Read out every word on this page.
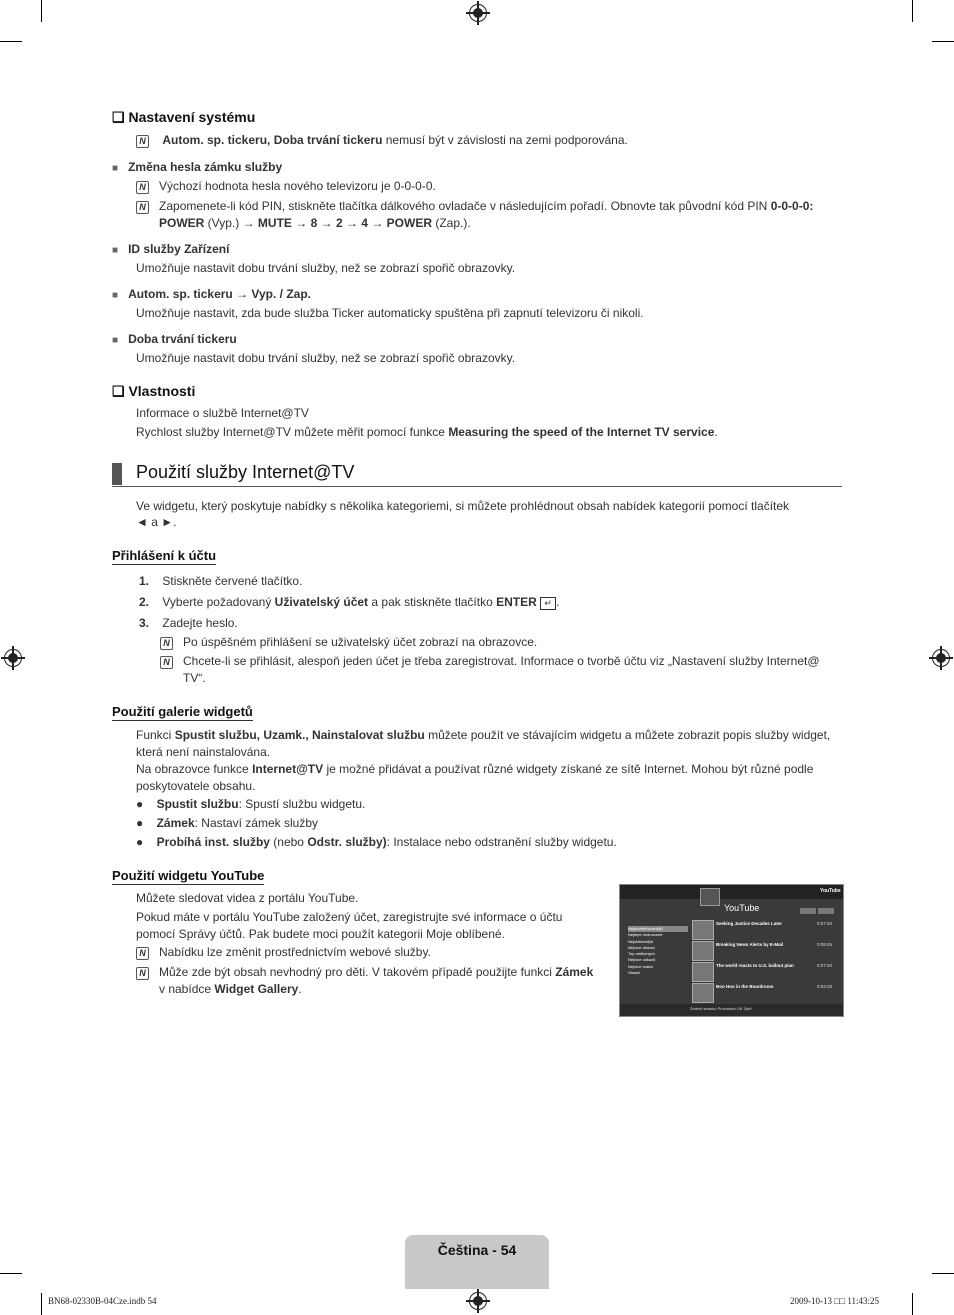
❑ Nastavení systému
N Autom. sp. tickeru, Doba trvání tickeru nemusí být v závislosti na zemi podporována.
■ Změna hesla zámku služby
N Výchozí hodnota hesla nového televizoru je 0-0-0-0.
N Zapomenete-li kód PIN, stiskněte tlačítka dálkového ovladače v následujícím pořadí. Obnovte tak původní kód PIN 0-0-0-0:
POWER (Vyp.) → MUTE → 8 → 2 → 4 → POWER (Zap.).
■ ID služby Zařízení
Umožňuje nastavit dobu trvání služby, než se zobrazí spořič obrazovky.
■ Autom. sp. tickeru → Vyp. / Zap.
Umožňuje nastavit, zda bude služba Ticker automaticky spuštěna při zapnutí televizoru či nikoli.
■ Doba trvání tickeru
Umožňuje nastavit dobu trvání služby, než se zobrazí spořič obrazovky.
❑ Vlastnosti
Informace o službě Internet@TV
Rychlost služby Internet@TV můžete měřit pomocí funkce Measuring the speed of the Internet TV service.
Použití služby Internet@TV
Ve widgetu, který poskytuje nabídky s několika kategoriemi, si můžete prohlédnout obsah nabídek kategorií pomocí tlačítek
◄ a ►.
Přihlášení k účtu
1. Stiskněte červené tlačítko.
2. Vyberte požadovaný Uživatelský účet a pak stiskněte tlačítko ENTER ↵ .
3. Zadejte heslo.
N Po úspěšném přihlášení se uživatelský účet zobrazí na obrazovce.
N Chcete-li se přihlásit, alespoň jeden účet je třeba zaregistrovat. Informace o tvorbě účtu viz „Nastavení služby Internet@
TV“.
Použití galerie widgetů
Funkci Spustit službu, Uzamk., Nainstalovat službu můžete použít ve stávajícím widgetu a můžete zobrazit popis služby widget,
která není nainstalována.
Na obrazovce funkce Internet@TV je možné přidávat a používat různé widgety získané ze sítě Internet. Mohou být různé podle
poskytovatele obsahu.
●    Spustit službu: Spustí službu widgetu.
●    Zámek: Nastaví zámek služby
●    Probíhá inst. služby (nebo Odstr. služby): Instalace nebo odstranění služby widgetu.
Použití widgetu YouTube
Můžete sledovat videa z portálu YouTube.
Pokud máte v portálu YouTube založený účet, zaregistrujte své informace o účtu
pomocí Správy účtů. Pak budete moci použít kategorii Moje oblíbené.
N Nabídku lze změnit prostřednictvím webové služby.
N Může zde být obsah nevhodný pro děti. V takovém případě použijte funkci Zámek
v nabídce Widget Gallery.
YouTube
YouTube
Nejnavštěvovanější
Nejlépe hodnocené
Nejoblíbenější
Nejvíce diskuzí
Top oblíbených
Nejvíce odkazů
Nejvíce reakcí
Vlastní
Seeking Justice Decades Later	0:07:20
Breaking News Alerts by E-Mail	0:08:45
The world reacts to U.S. bailout plan	0:07:20
Boo Hoo in the Boardroom	0:03:28
Změnit stránku Procházet OK Zpět
Čeština - 54
BN68-02330B-04Cze.indb 54	2009-10-13 □□ 11:43:25
